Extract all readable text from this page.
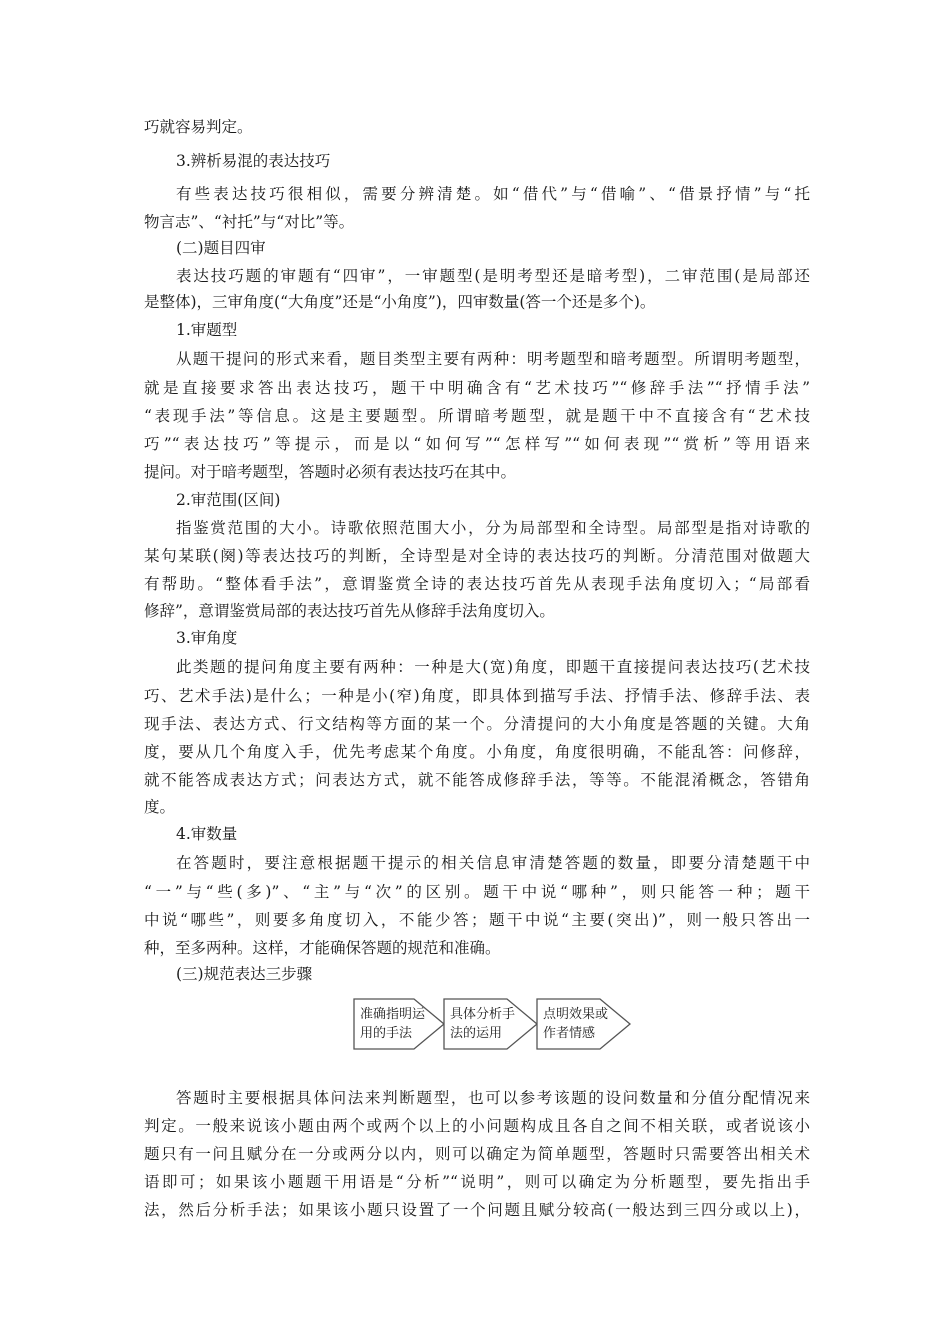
巧就容易判定。
3.辨析易混的表达技巧
有些表达技巧很相似，需要分辨清楚。如“借代”与“借喻”、“借景抒情”与“托
物言志”、“衬托”与“对比”等。
(二)题目四审
表达技巧题的审题有“四审”，一审题型(是明考型还是暗考型)，二审范围(是局部还
是整体)，三审角度(“大角度”还是“小角度”)，四审数量(答一个还是多个)。
1.审题型
从题干提问的形式来看，题目类型主要有两种：明考题型和暗考题型。所谓明考题型，
就是直接要求答出表达技巧，题干中明确含有“艺术技巧”“修辞手法”“抒情手法”
“表现手法”等信息。这是主要题型。所谓暗考题型，就是题干中不直接含有“艺术技
巧”“表达技巧”等提示，而是以“如何写”“怎样写”“如何表现”“赏析”等用语来
提问。对于暗考题型，答题时必须有表达技巧在其中。
2.审范围(区间)
指鉴赏范围的大小。诗歌依照范围大小，分为局部型和全诗型。局部型是指对诗歌的
某句某联(阕)等表达技巧的判断，全诗型是对全诗的表达技巧的判断。分清范围对做题大
有帮助。“整体看手法”，意谓鉴赏全诗的表达技巧首先从表现手法角度切入；“局部看
修辞”，意谓鉴赏局部的表达技巧首先从修辞手法角度切入。
3.审角度
此类题的提问角度主要有两种：一种是大(宽)角度，即题干直接提问表达技巧(艺术技
巧、艺术手法)是什么；一种是小(窄)角度，即具体到描写手法、抒情手法、修辞手法、表
现手法、表达方式、行文结构等方面的某一个。分清提问的大小角度是答题的关键。大角
度，要从几个角度入手，优先考虑某个角度。小角度，角度很明确，不能乱答：问修辞，
就不能答成表达方式；问表达方式，就不能答成修辞手法，等等。不能混淆概念，答错角
度。
4.审数量
在答题时，要注意根据题干提示的相关信息审清楚答题的数量，即要分清楚题干中
“一”与“些(多)”、“主”与“次”的区别。题干中说“哪种”，则只能答一种；题干
中说“哪些”，则要多角度切入，不能少答；题干中说“主要(突出)”，则一般只答出一
种，至多两种。这样，才能确保答题的规范和准确。
(三)规范表达三步骤
准确指明运
用的手法
具体分析手
法的运用
点明效果或
作者情感
答题时主要根据具体问法来判断题型，也可以参考该题的设问数量和分值分配情况来
判定。一般来说该小题由两个或两个以上的小问题构成且各自之间不相关联，或者说该小
题只有一问且赋分在一分或两分以内，则可以确定为简单题型，答题时只需要答出相关术
语即可；如果该小题题干用语是“分析”“说明”，则可以确定为分析题型，要先指出手
法，然后分析手法；如果该小题只设置了一个问题且赋分较高(一般达到三四分或以上)，
